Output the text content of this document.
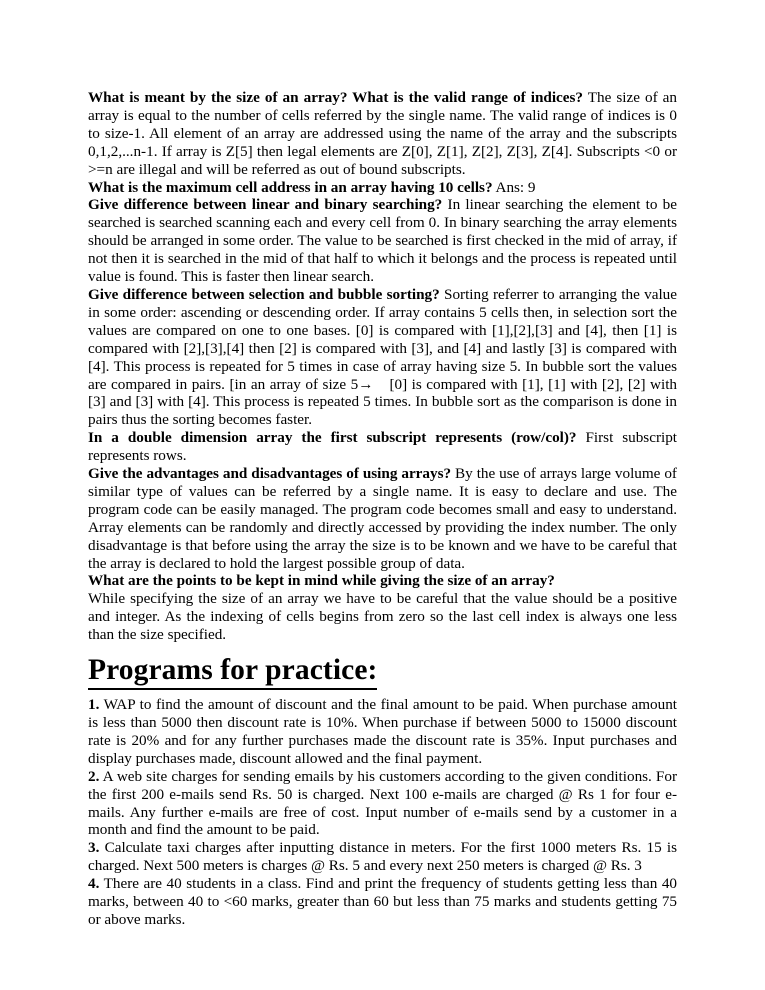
What is meant by the size of an array? What is the valid range of indices? The size of an array is equal to the number of cells referred by the single name. The valid range of indices is 0 to size-1. All element of an array are addressed using the name of the array and the subscripts 0,1,2,...n-1. If array is Z[5] then legal elements are Z[0], Z[1], Z[2], Z[3], Z[4]. Subscripts <0 or >=n are illegal and will be referred as out of bound subscripts.

What is the maximum cell address in an array having 10 cells? Ans: 9

Give difference between linear and binary searching? In linear searching the element to be searched is searched scanning each and every cell from 0. In binary searching the array elements should be arranged in some order. The value to be searched is first checked in the mid of array, if not then it is searched in the mid of that half to which it belongs and the process is repeated until value is found. This is faster then linear search.

Give difference between selection and bubble sorting? Sorting referrer to arranging the value in some order: ascending or descending order. If array contains 5 cells then, in selection sort the values are compared on one to one bases. [0] is compared with [1],[2],[3] and [4], then [1] is compared with [2],[3],[4] then [2] is compared with [3], and [4] and lastly [3] is compared with [4]. This process is repeated for 5 times in case of array having size 5. In bubble sort the values are compared in pairs. [in an array of size 5→ [0] is compared with [1], [1] with [2], [2] with [3] and [3] with [4]. This process is repeated 5 times. In bubble sort as the comparison is done in pairs thus the sorting becomes faster.

In a double dimension array the first subscript represents (row/col)? First subscript represents rows.

Give the advantages and disadvantages of using arrays? By the use of arrays large volume of similar type of values can be referred by a single name. It is easy to declare and use. The program code can be easily managed. The program code becomes small and easy to understand. Array elements can be randomly and directly accessed by providing the index number. The only disadvantage is that before using the array the size is to be known and we have to be careful that the array is declared to hold the largest possible group of data.

What are the points to be kept in mind while giving the size of an array?

While specifying the size of an array we have to be careful that the value should be a positive and integer. As the indexing of cells begins from zero so the last cell index is always one less than the size specified.

Programs for practice:

1. WAP to find the amount of discount and the final amount to be paid. When purchase amount is less than 5000 then discount rate is 10%. When purchase if between 5000 to 15000 discount rate is 20% and for any further purchases made the discount rate is 35%. Input purchases and display purchases made, discount allowed and the final payment.

2. A web site charges for sending emails by his customers according to the given conditions. For the first 200 e-mails send Rs. 50 is charged. Next 100 e-mails are charged @ Rs 1 for four e-mails. Any further e-mails are free of cost. Input number of e-mails send by a customer in a month and find the amount to be paid.

3. Calculate taxi charges after inputting distance in meters. For the first 1000 meters Rs. 15 is charged. Next 500 meters is charges @ Rs. 5 and every next 250 meters is charged @ Rs. 3

4. There are 40 students in a class. Find and print the frequency of students getting less than 40 marks, between 40 to <60 marks, greater than 60 but less than 75 marks and students getting 75 or above marks.
